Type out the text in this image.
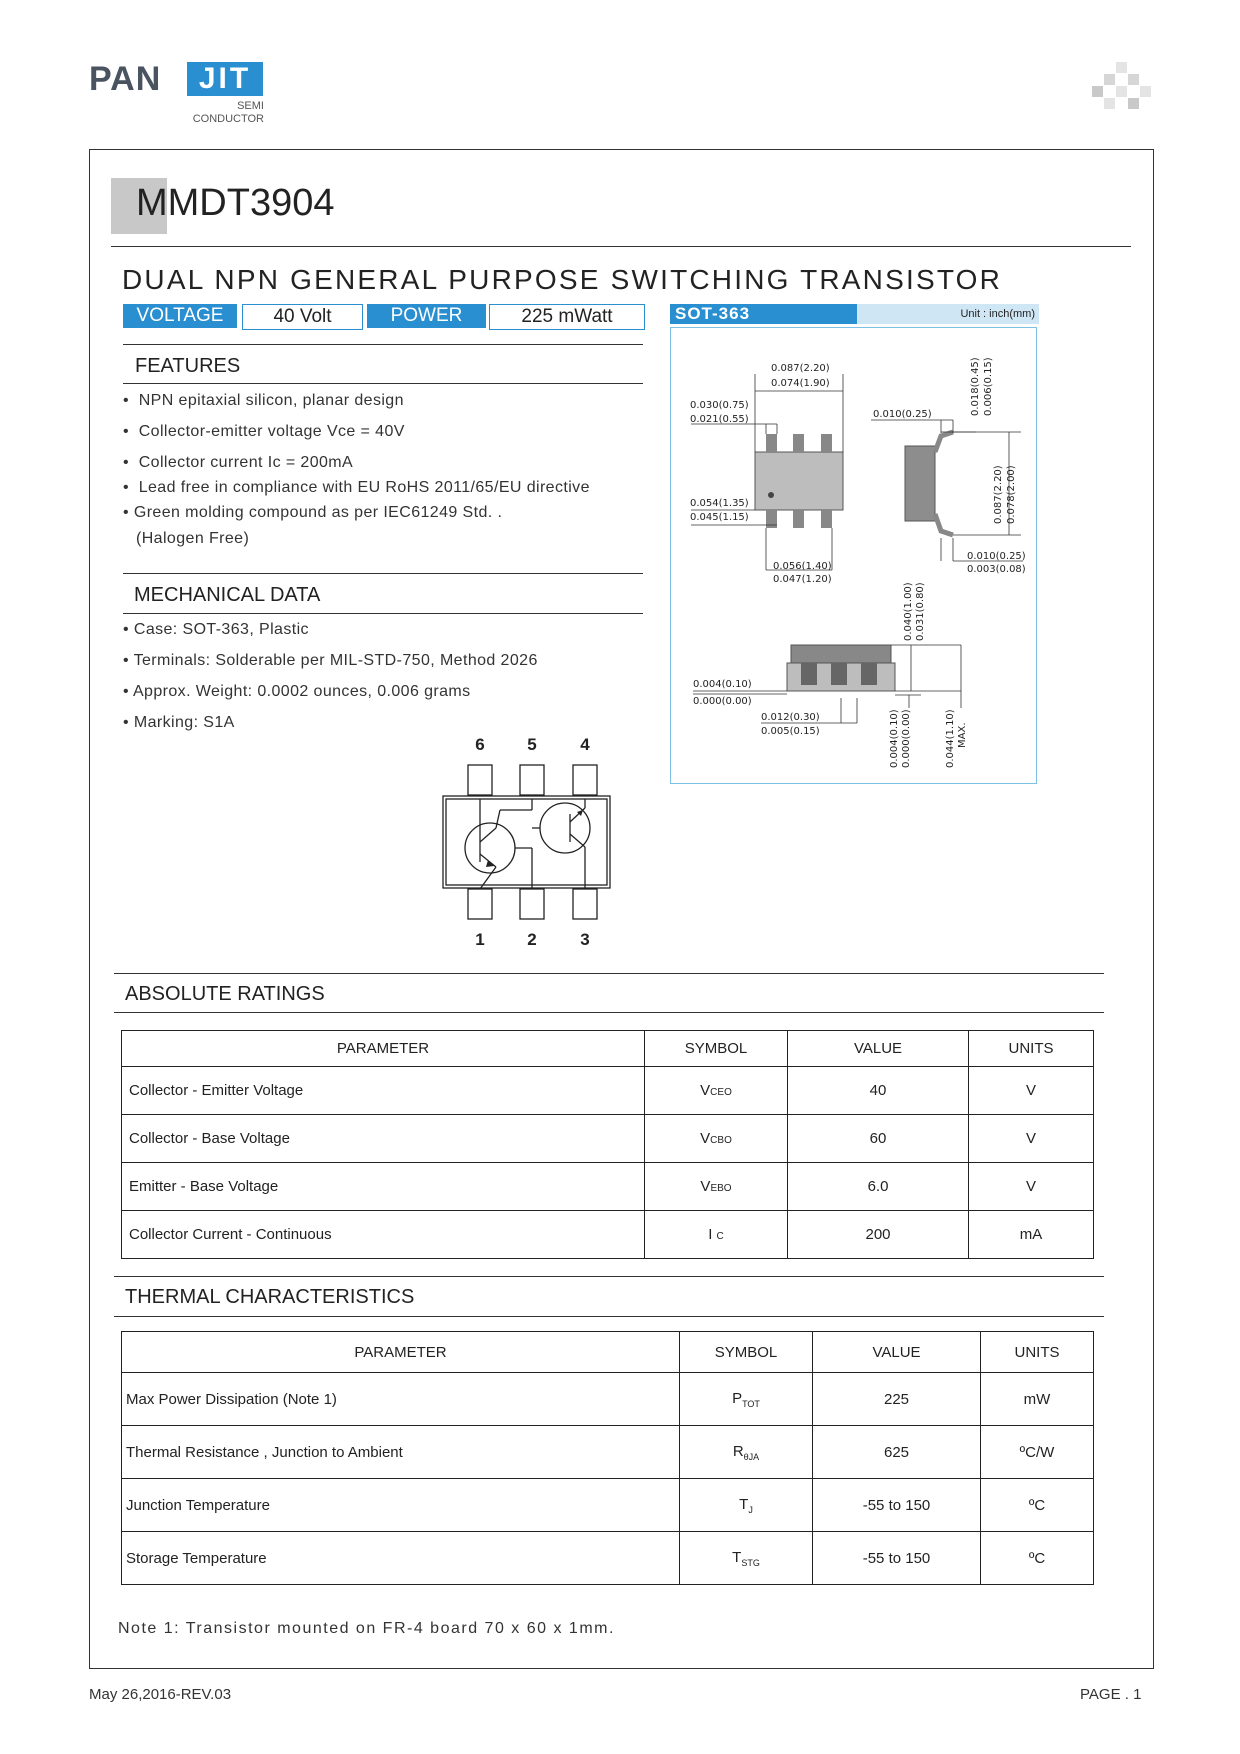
PAN	JIT
SEMI
CONDUCTOR
MMDT3904
DUAL NPN GENERAL PURPOSE SWITCHING TRANSISTOR
VOLTAGE	40 Volt	POWER	225 mWatt
FEATURES
•  NPN epitaxial silicon, planar design
•  Collector-emitter voltage Vce = 40V
•  Collector current Ic = 200mA
•  Lead free in compliance with EU RoHS 2011/65/EU directive
• Green molding compound as per IEC61249 Std. .
(Halogen Free)
MECHANICAL DATA
• Case: SOT-363, Plastic
• Terminals: Solderable per MIL-STD-750, Method 2026
• Approx. Weight: 0.0002 ounces, 0.006 grams
• Marking: S1A
6	5	4
1	2	3
SOT-363	Unit : inch(mm)
0.087(2.20)
0.074(1.90)
0.030(0.75)
0.021(0.55)
0.054(1.35)
0.045(1.15)
0.056(1.40)
0.047(1.20)
0.010(0.25)	0.018(0.45) 0.006(0.15)
0.087(2.20) 0.078(2.00)
0.010(0.25)
0.003(0.08)
0.040(1.00) 0.031(0.80)
0.004(0.10)
0.000(0.00)
0.012(0.30)
0.005(0.15)	0.004(0.10) 0.000(0.00)	0.044(1.10) MAX.
ABSOLUTE RATINGS
PARAMETER	SYMBOL	VALUE	UNITS
Collector - Emitter Voltage	VCEO	40	V
Collector - Base Voltage	VCBO	60	V
Emitter - Base Voltage	VEBO	6.0	V
Collector Current - Continuous	I C	200	mA
THERMAL CHARACTERISTICS
PARAMETER	SYMBOL	VALUE	UNITS
Max Power Dissipation (Note 1)	$P_{TOT}$	225	mW
Thermal Resistance , Junction to Ambient	$R_{\theta JA}$	625	ºC/W
Junction Temperature	$T_J$	-55 to 150	ºC
Storage Temperature	$T_{STG}$	-55 to 150	ºC
Note 1: Transistor mounted on FR-4 board 70 x 60 x 1mm.
May 26,2016-REV.03	PAGE . 1
